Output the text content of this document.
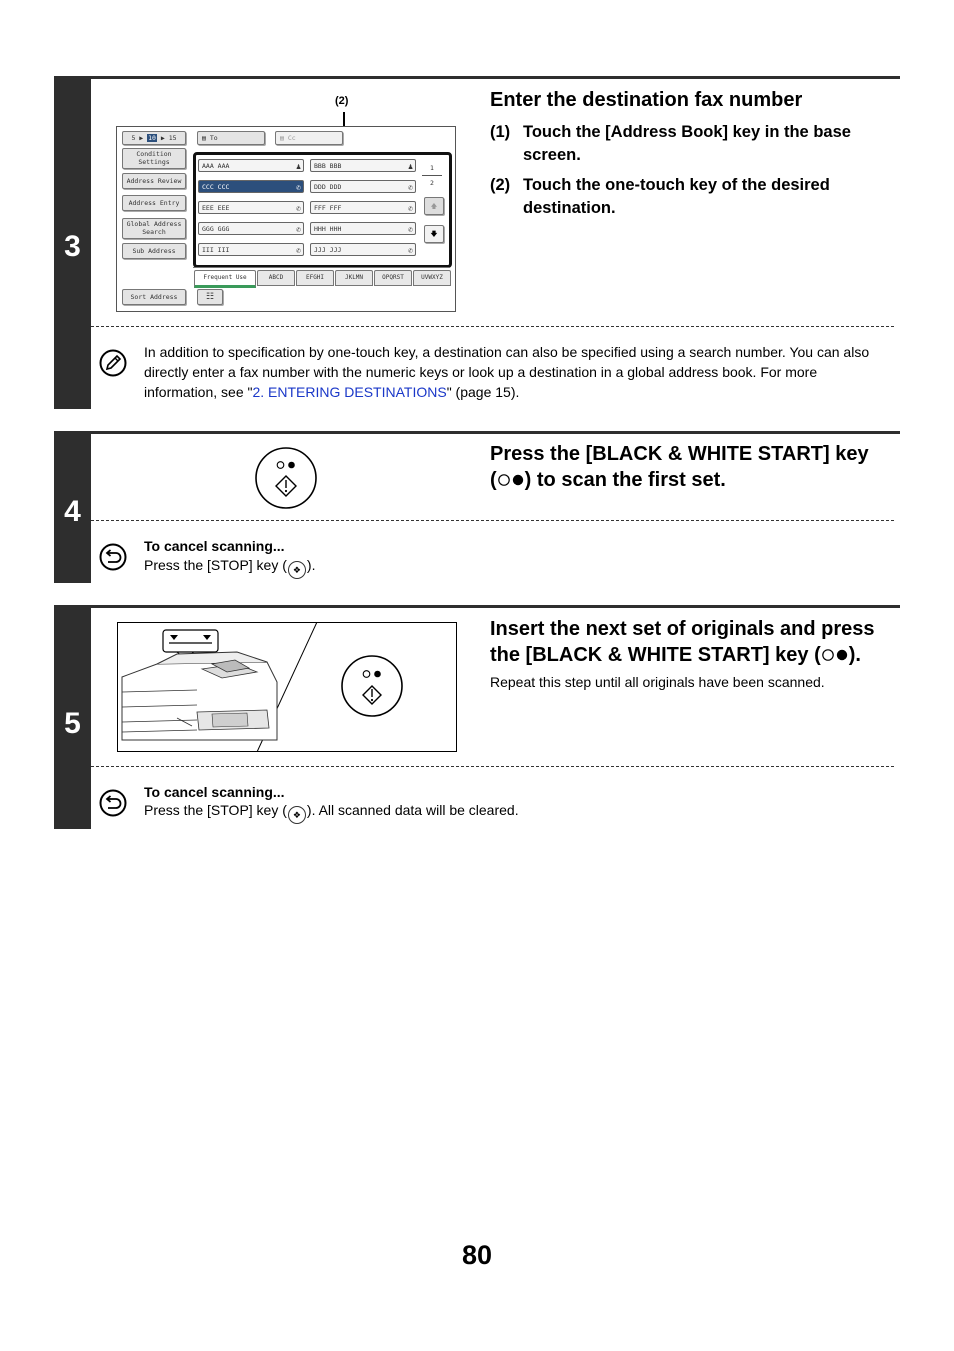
3
Enter the destination fax number
(1) Touch the [Address Book] key in the base screen.
(2) Touch the one-touch key of the desired destination.
(2)
5 ▶ 10 ▶ 15	▤ To	▤ Cc
Condition Settings
Address Review
Address Entry
Global Address Search
Sub Address
Sort Address	☷
AAA AAA	♟	BBB BBB	♟
CCC CCC	✆	DDD DDD	✆
EEE EEE	✆	FFF FFF	✆
GGG GGG	✆	HHH HHH	✆
III III	✆	JJJ JJJ	✆
1
2
🡅
🡇
Frequent Use	ABCD	EFGHI	JKLMN	OPQRST	UVWXYZ
In addition to specification by one-touch key, a destination can also be specified using a search number. You can also directly enter a fax number with the numeric keys or look up a destination in a global address book. For more information, see "2. ENTERING DESTINATIONS" (page 15).
4
Press the [BLACK & WHITE START] key
( ) to scan the first set.
To cancel scanning...
Press the [STOP] key ( ❖ ).
5
Insert the next set of originals and press
the [BLACK & WHITE START] key ( ).
Repeat this step until all originals have been scanned.
To cancel scanning...
Press the [STOP] key ( ❖ ). All scanned data will be cleared.
80
